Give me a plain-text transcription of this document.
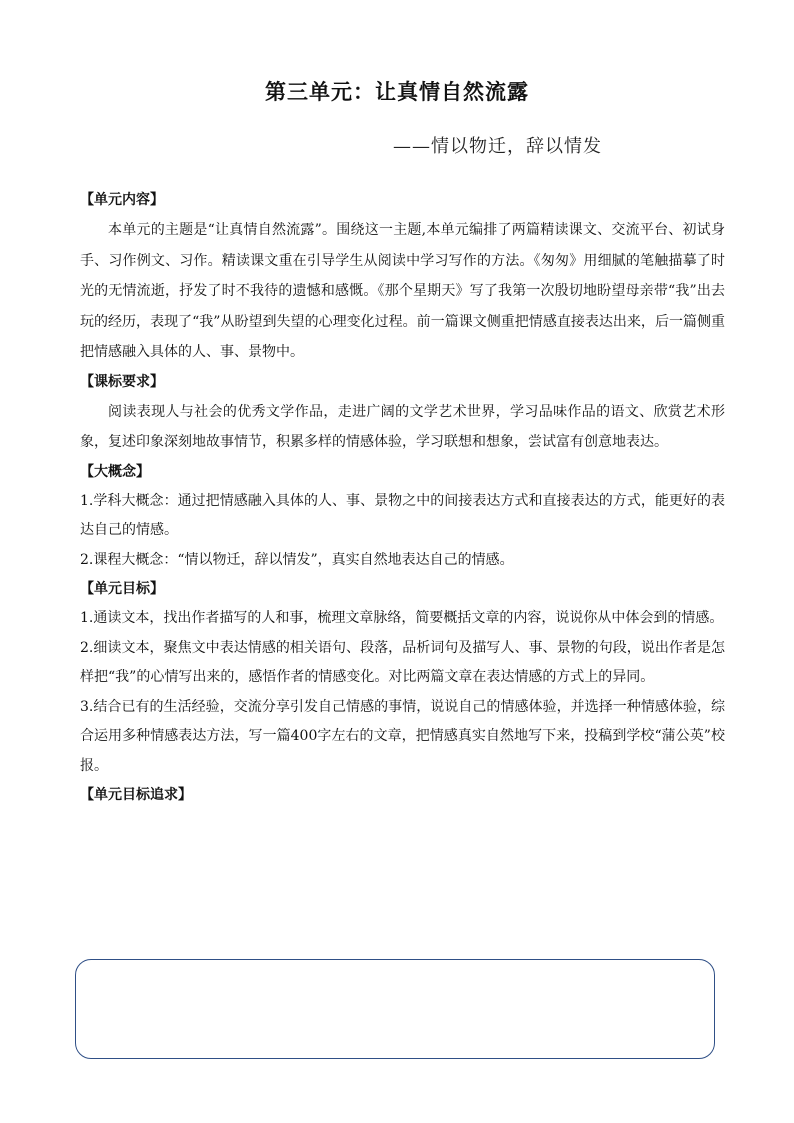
第三单元：让真情自然流露
——情以物迁，辞以情发
【单元内容】

本单元的主题是“让真情自然流露”。围绕这一主题,本单元编排了两篇精读课文、交流平台、初试身手、习作例文、习作。精读课文重在引导学生从阅读中学习写作的方法。《匆匆》用细腻的笔触描摹了时光的无情流逝，抒发了时不我待的遗憾和感慨。《那个星期天》写了我第一次殷切地盼望母亲带“我”出去玩的经历，表现了“我”从盼望到失望的心理变化过程。前一篇课文侧重把情感直接表达出来，后一篇侧重把情感融入具体的人、事、景物中。

【课标要求】

阅读表现人与社会的优秀文学作品，走进广阔的文学艺术世界，学习品味作品的语文、欣赏艺术形象，复述印象深刻地故事情节，积累多样的情感体验，学习联想和想象，尝试富有创意地表达。

【大概念】

1.学科大概念：通过把情感融入具体的人、事、景物之中的间接表达方式和直接表达的方式，能更好的表达自己的情感。

2.课程大概念：“情以物迁，辞以情发”，真实自然地表达自己的情感。

【单元目标】

1.通读文本，找出作者描写的人和事，梳理文章脉络，简要概括文章的内容，说说你从中体会到的情感。

2.细读文本，聚焦文中表达情感的相关语句、段落，品析词句及描写人、事、景物的句段，说出作者是怎样把“我”的心情写出来的，感悟作者的情感变化。对比两篇文章在表达情感的方式上的异同。

3.结合已有的生活经验，交流分享引发自己情感的事情，说说自己的情感体验，并选择一种情感体验，综合运用多种情感表达方法，写一篇400字左右的文章，把情感真实自然地写下来，投稿到学校“蒲公英”校报。

【单元目标追求】
